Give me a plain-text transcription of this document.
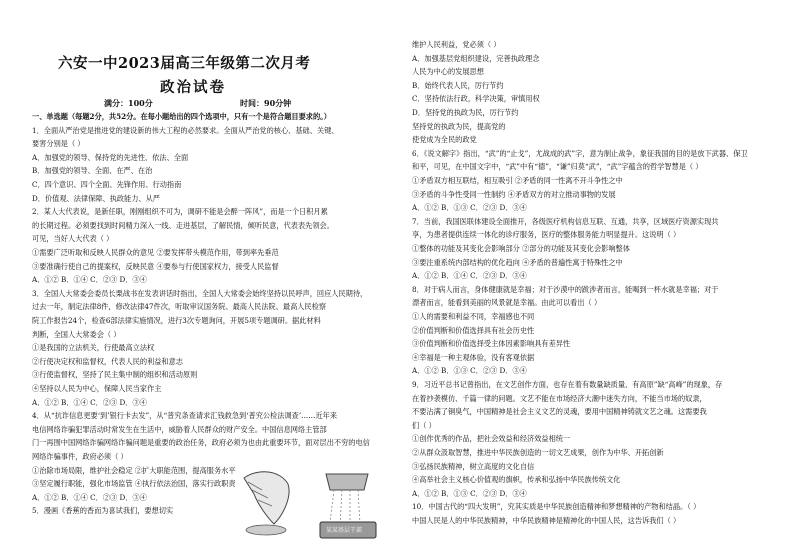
六安一中2023届高三年级第二次月考
政治试卷
满分：100分	时间：90分钟
一、单选题（每题2分，共52分。在每小题给出的四个选项中，只有一个是符合题目要求的。）
1．全面从严治党是推进党的建设新的伟大工程的必然要求。全面从严治党的核心、基础、关键、
要害分别是（ ）
A．加强党的领导、保持党的先进性、依法、全面
B．加强党的领导、全面、在严、在治
C．四个意识、四个全面、先锋作用、行动指南
D．价值观、法律保障、执政能力、从严
2．某人大代表说，是新任职，刚刚组织不可为，调研不能是会醉一阵风”，而是一个日积月累
的长期过程。必须要找到时间精力深入一线、走进基层，了解民情，倾听民意，代表表先领会。
可见，当好人大代表（ ）
①需要广泛听取和反映人民群众的意见 ②要发挥带头模范作用，带到率先垂范
③要准确行使自己的提案权，反映民意 ④要参与行使国家权力，接受人民监督
A．①② B．①④ C．②③ D．③④
3．全国人大常委会委员长栗战书在发表讲话时指出，全国人大常委会始终坚持以民呼声，回应人民期待，
过去一年，制定法律8件，修改法律47件次，听取审议国务院、最高人民法院、最高人民检察
院工作报告24个，检查6部法律实施情况，进行3次专题询问，开展5项专题调研。据此材料
判断，全国人大常委会（ ）
①是我国的立法机关，行使最高立法权
②行使决定权和监督权，代表人民的利益和意志
③行使监督权，坚持了民主集中制的组织和活动原则
④坚持以人民为中心，保障人民当家作主
A．①② B．①④ C．②③ D．③④
4．从“抗诈信息更要‘到’银行卡去发”，从“普究条查请求汇钱救急到‘普究公检法调查’……近年来
电信网络诈骗犯罪活动时常发生在生活中，威胁着人民群众的财产安全。中国信息网络主管部
门一再围中国网络诈骗网络诈骗问题是重要的政治任务，政府必须为也由此重要环节，面对层出不穷的电信
网络诈骗事件，政府必须（ ）
①治除市场局限，维护社会稳定 ②扩大职能范围，提高服务水平
③坚定履行职能，强化市场监管 ④执行依法治国，落实行政职责
A．①② B．①④ C．②③ D．③④
5．漫画《香蕉的香而为喜试我们，要想切实
维护人民利益，党必须（ ）
A．加强基层党组织建设，完善执政理念
人民为中心的发展思想
B．始终代表人民，厉行节约
C．坚持依法行政，科学决策，审慎用权
D．坚持党的执政为民，厉行节约
坚持党的执政为民，提高党的
使党成为全民的政党
6．《说文解字》指出，“武”的“止戈”，尤战成的武”字，意为制止战争，象征我国的目的是放下武器、保卫
和平，可见，在中国文字中，“武”中有“德”，“谦”归莫“武”，“武”字蕴含的哲学智慧是（ ）
①矛盾双方相互联结，相互吸引 ②矛盾的同一性离不开斗争性之中
③矛盾的斗争性受同一性制约 ④矛盾双方的对立推动事物的发展
A．①② B．①③ C．②③ D．③④
7．当前，我国医联体建设全面推开，各级医疗机构信息互联、互通，共享，区域医疗资源实现共
享，为患者提供连续一体化的诊疗服务，医疗的整体服务能力明显提升。这说明（ ）
①整体的功能及其变化会影响部分 ②部分的功能及其变化会影响整体
③要注重系统内部结构的优化趋向 ④矛盾的普遍性寓于特殊性之中
A．①② B．①④ C．②③ D．③④
8．对于病人而言，身体健康就是幸福；对于沙漠中的跋涉者而言，能喝到一杯水就是幸福；对于
漂者而言，能看到美丽的风景就是幸福。由此可以看出（ ）
①人的需要和利益不同，幸福感也不同
②价值判断和价值选择具有社会历史性
③价值判断和价值选择受主体因素影响具有差异性
④幸福是一种主观体验，没有客观依据
A．①② B．①③ C．②③ D．③④
9．习近平总书记曾指出，在文艺创作方面，也存在着有数量缺质量、有高原”缺“高峰”的现象，存
在着抄袭模仿、千篇一律的问题。文艺不能在市场经济大潮中迷失方向，不能当市场的奴隶，
不要沾满了铜臭气，中国精神是社会主义文艺的灵魂，要用中国精神铸就文艺之魂。这需要我
们（ ）
①创作优秀的作品，把社会效益和经济效益相统一
②从群众汲取智慧，推进中华民族创造的一切文艺成果，创作为中华、开拓创新
③弘扬民族精神，树立高度的文化自信
④高举社会主义核心价值观的旗帜，传承和弘扬中华民族传统文化
A．①② B．①③ C．②③ D．③④
10．中国古代的“四大发明”，究其实质是中华民族创造精神和梦想精神的产物和结晶。（ ）
中国人民是人的中华民族精神，中华民族精神是精神化的中国人民，这告诉我们（ ）
某某基层干部
